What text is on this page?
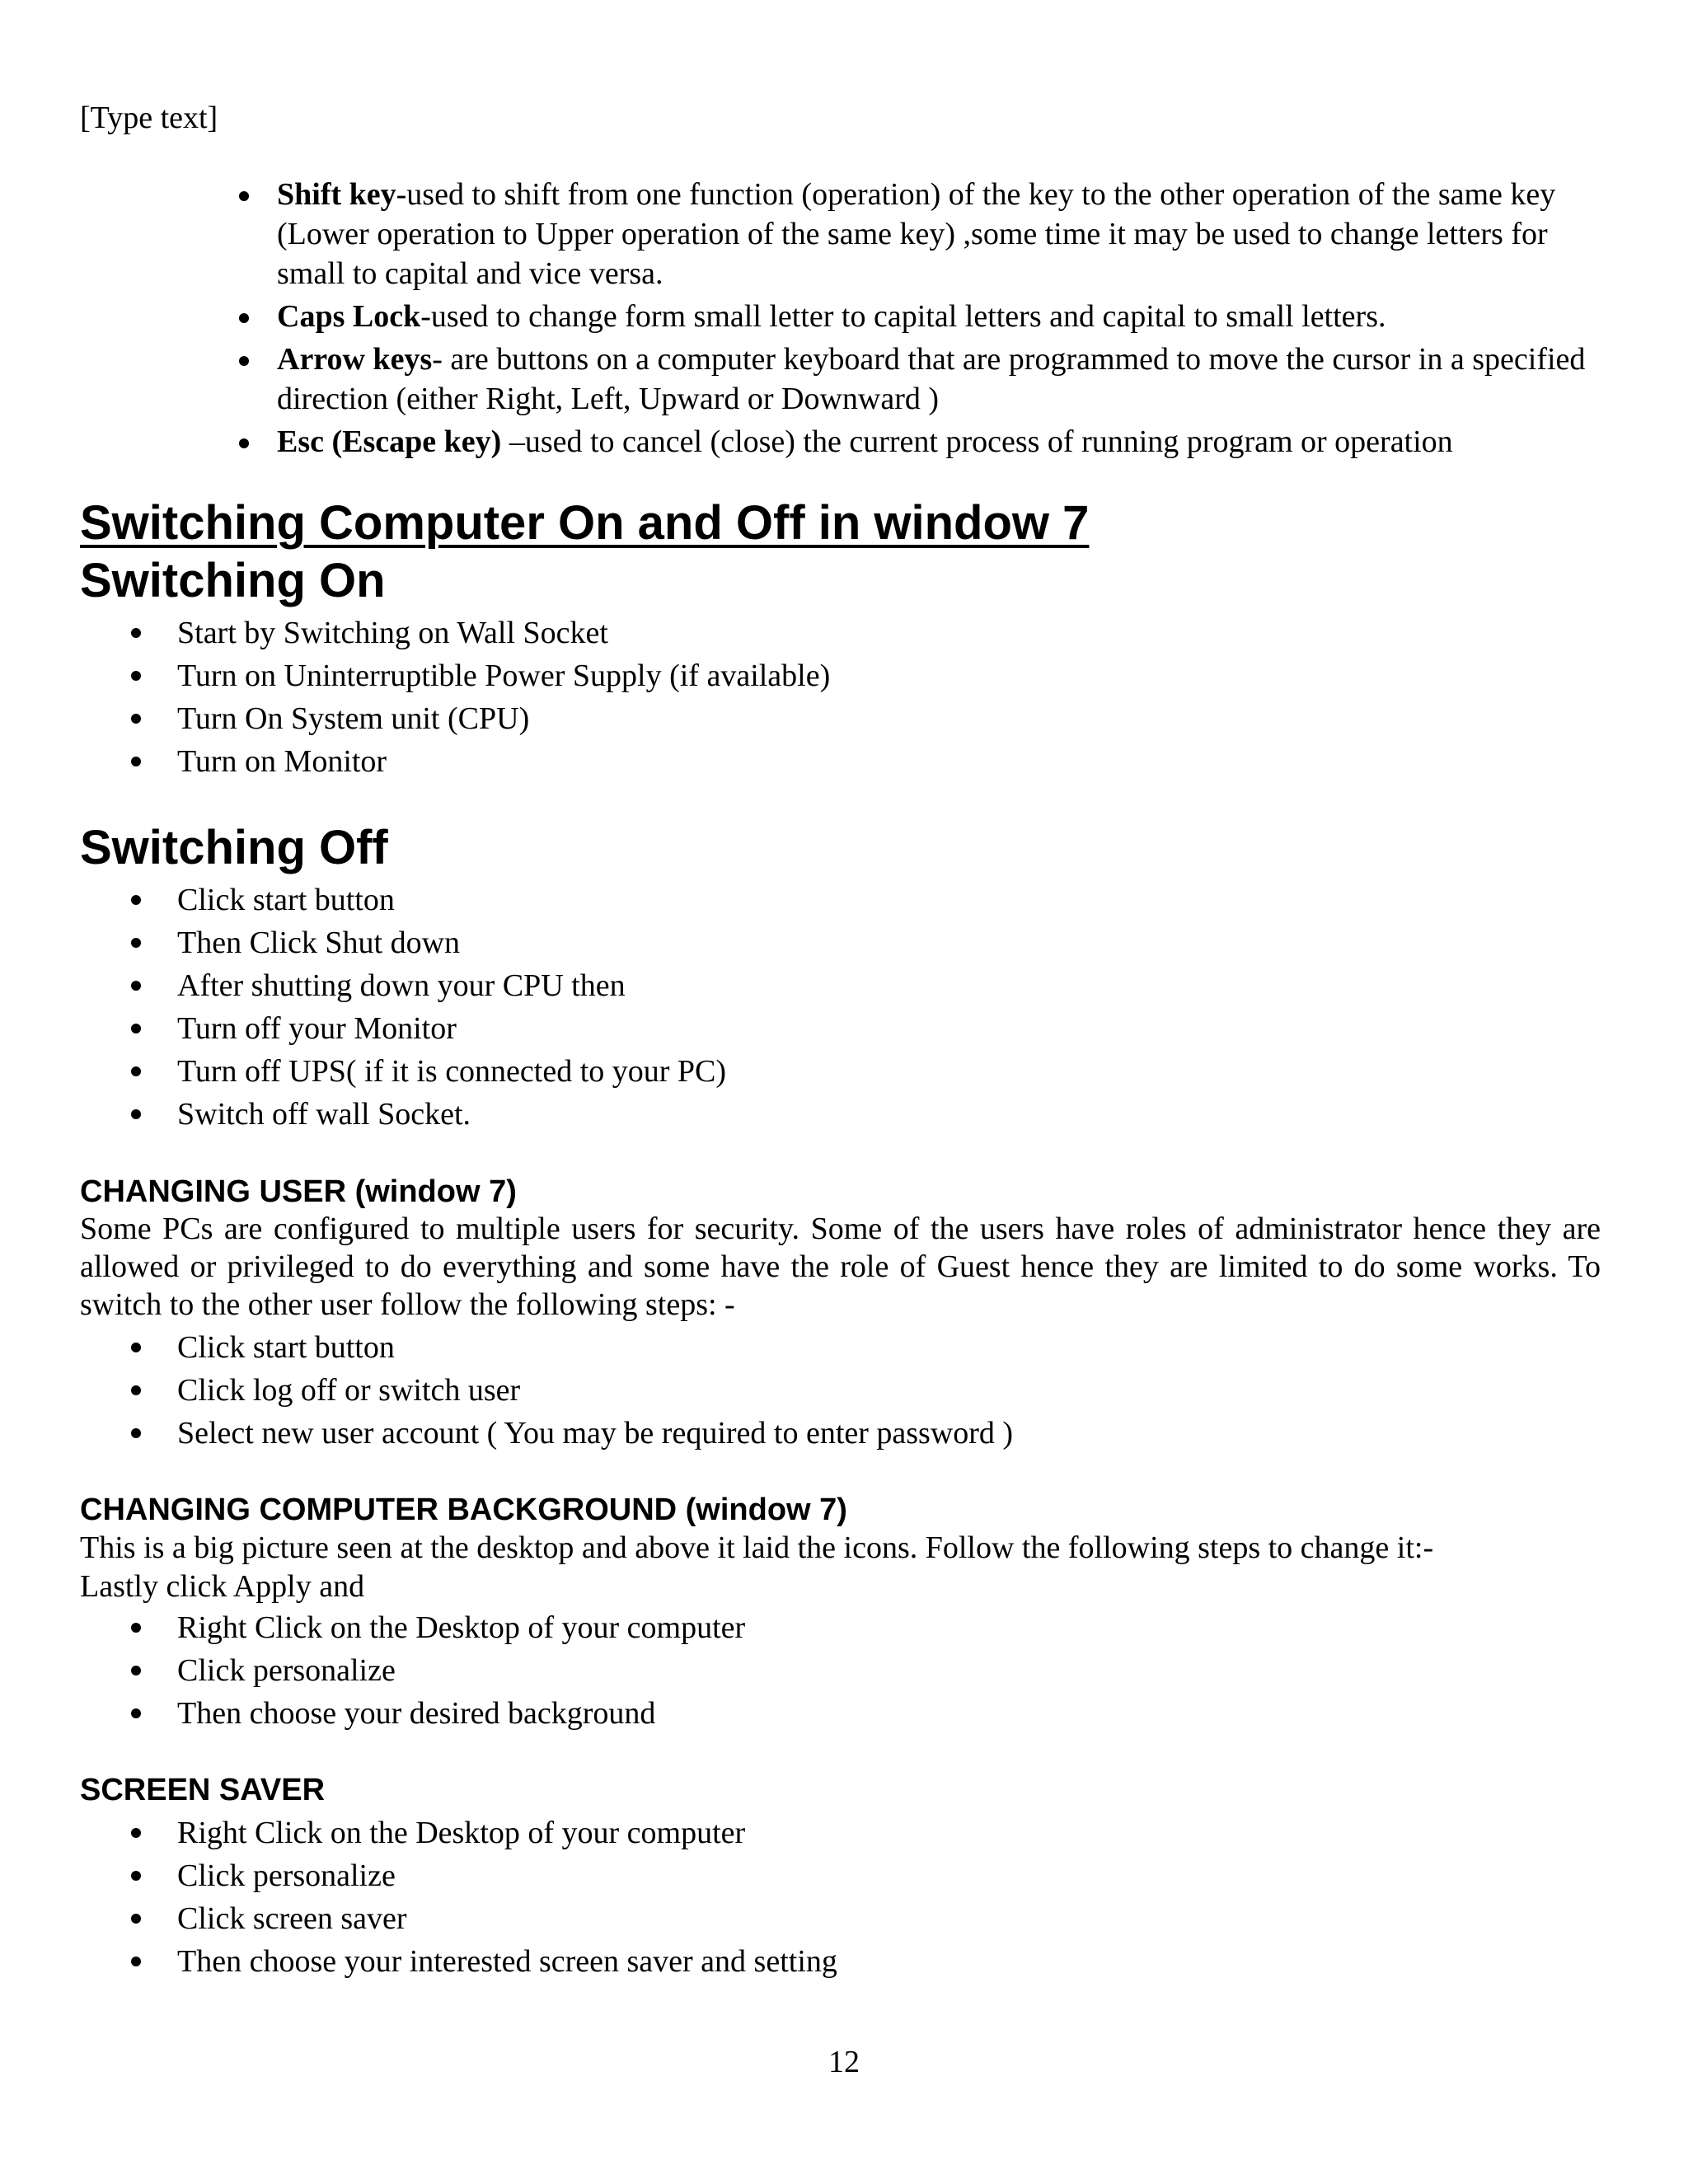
[Type text]
Shift key-used to shift from one function (operation) of the key to the other operation of the same key (Lower operation to Upper operation of the same key) ,some time it may be used to change letters for small to capital and vice versa.
Caps Lock-used to change form small letter to capital letters and capital to small letters.
Arrow keys- are buttons on a computer keyboard that are programmed to move the cursor in a specified direction (either Right, Left, Upward or Downward )
Esc (Escape key) –used to cancel (close) the current process of running program or operation
Switching Computer On and Off in window 7
Switching On
Start by Switching on Wall Socket
Turn on Uninterruptible Power Supply (if available)
Turn On System unit (CPU)
Turn on Monitor
Switching Off
Click start button
Then Click Shut down
After shutting down your CPU then
Turn off your Monitor
Turn off UPS( if it is connected to your PC)
Switch off wall Socket.
CHANGING USER (window 7)
Some PCs are configured to multiple users for security. Some of the users have roles of administrator hence they are allowed or privileged to do everything and some have the role of Guest hence they are limited to do some works. To switch to the other user follow the following steps: -
Click start button
Click log off or switch user
Select new user account ( You may be required to enter password )
CHANGING COMPUTER BACKGROUND (window 7)
This is a big picture seen at the desktop and above it laid the icons. Follow the following steps to change it:-
Lastly click Apply and
Right Click on the Desktop of your computer
Click personalize
Then choose your desired background
SCREEN SAVER
Right Click on the Desktop of your computer
Click personalize
Click screen saver
Then choose your interested screen saver and setting
12
